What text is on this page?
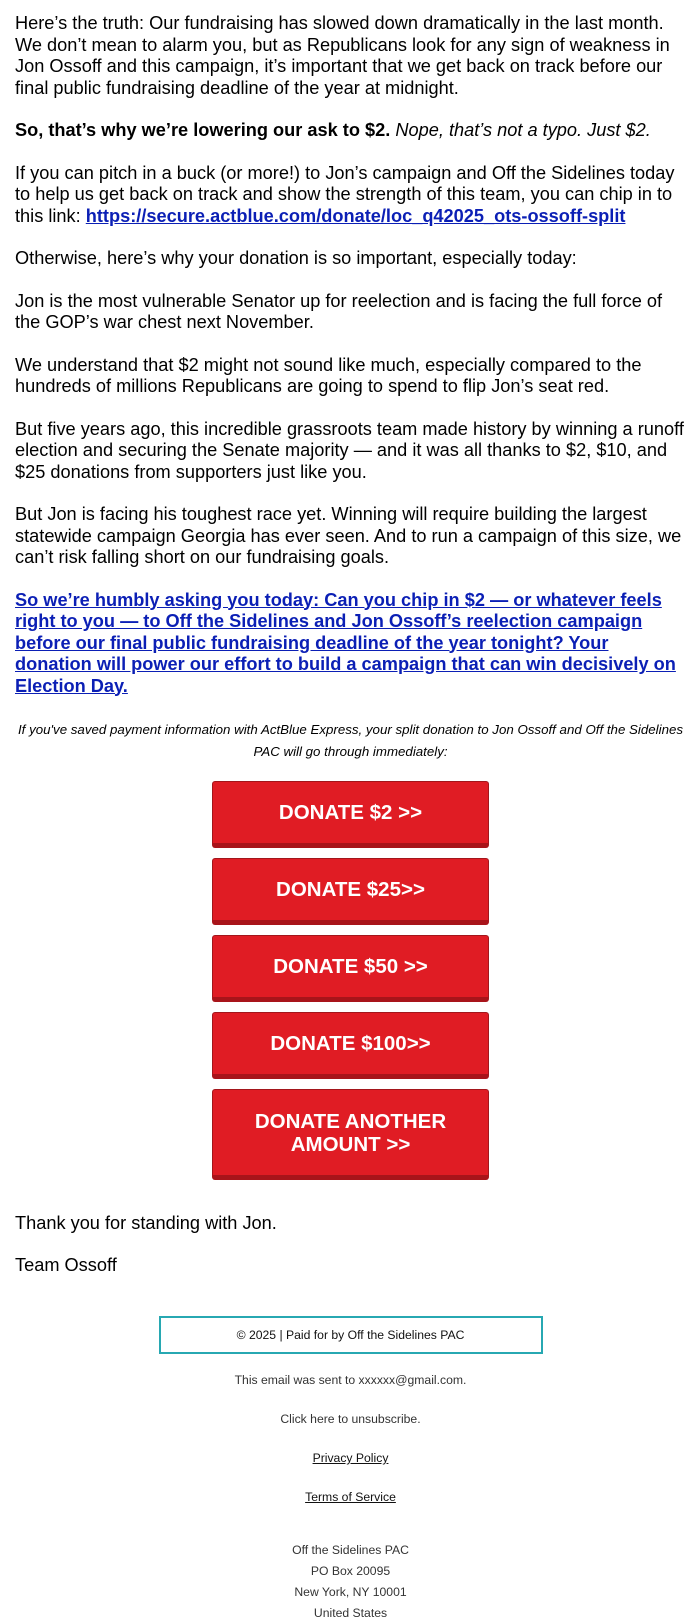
Here’s the truth: Our fundraising has slowed down dramatically in the last month. We don’t mean to alarm you, but as Republicans look for any sign of weakness in Jon Ossoff and this campaign, it’s important that we get back on track before our final public fundraising deadline of the year at midnight.

So, that’s why we’re lowering our ask to $2. Nope, that’s not a typo. Just $2.

If you can pitch in a buck (or more!) to Jon’s campaign and Off the Sidelines today to help us get back on track and show the strength of this team, you can chip in to this link: https://secure.actblue.com/donate/loc_q42025_ots-ossoff-split

Otherwise, here’s why your donation is so important, especially today:

Jon is the most vulnerable Senator up for reelection and is facing the full force of the GOP’s war chest next November.

We understand that $2 might not sound like much, especially compared to the hundreds of millions Republicans are going to spend to flip Jon’s seat red.

But five years ago, this incredible grassroots team made history by winning a runoff election and securing the Senate majority — and it was all thanks to $2, $10, and $25 donations from supporters just like you.

But Jon is facing his toughest race yet. Winning will require building the largest statewide campaign Georgia has ever seen. And to run a campaign of this size, we can’t risk falling short on our fundraising goals.

So we’re humbly asking you today: Can you chip in $2 — or whatever feels right to you — to Off the Sidelines and Jon Ossoff’s reelection campaign before our final public fundraising deadline of the year tonight? Your donation will power our effort to build a campaign that can win decisively on Election Day.

If you've saved payment information with ActBlue Express, your split donation to Jon Ossoff and Off the Sidelines PAC will go through immediately:

DONATE $2 >>
DONATE $25>>
DONATE $50 >>
DONATE $100>>
DONATE ANOTHER AMOUNT >>

Thank you for standing with Jon.

Team Ossoff

© 2025 | Paid for by Off the Sidelines PAC
This email was sent to xxxxxx@gmail.com.
Click here to unsubscribe.
Privacy Policy
Terms of Service
Off the Sidelines PAC
PO Box 20095
New York, NY 10001
United States
